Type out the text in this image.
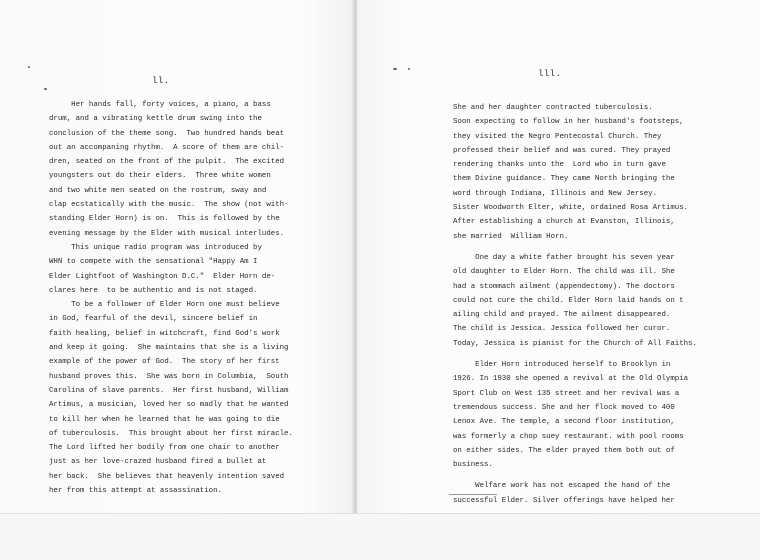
ll.
Her hands fall, forty voices, a piano, a bass
drum, and a vibrating kettle drum swing into the
conclusion of the theme song.  Two hundred hands beat
out an accompaning rhythm.  A score of them are chil-
dren, seated on the front of the pulpit.  The excited
youngsters out do their elders.  Three white women
and two white men seated on the rostrum, sway and
clap ecstatically with the music.  The show (not with-
standing Elder Horn) is on.  This is followed by the
evening message by the Elder with musical interludes.
This unique radio program was introduced by
WHN to compete with the sensational "Happy Am I
Elder Lightfoot of Washington D.C."  Elder Horn de-
clares here  to be authentic and is not staged.
To be a follower of Elder Horn one must believe
in God, fearful of the devil, sincere belief in
faith healing, belief in witchcraft, find God's work
and keep it going.  She maintains that she is a living
example of the power of God.  The story of her first
husband proves this.  She was born in Columbia,  South
Carolina of slave parents.  Her first husband, William
Artimus, a musician, loved her so madly that he wanted
to kill her when he learned that he was going to die
of tuberculosis.  This brought about her first miracle.
The Lord lifted her bodily from one chair to another
just as her love-crazed husband fired a bullet at
her back.  She believes that heavenly intention saved
her from this attempt at assassination.
lll.
She and her daughter contracted tuberculosis.
Soon expecting to follow in her husband's footsteps,
they visited the Negro Pentecostal Church. They
professed their belief and was cured. They prayed
rendering thanks unto the  Lord who in turn gave
them Divine guidance. They came North bringing the
word through Indiana, Illinois and New Jersey.
Sister Woodworth Elter, white, ordained Rosa Artimus.
After establishing a church at Evanston, Illinois,
she married  William Horn.
One day a white father brought his seven year
old daughter to Elder Horn. The child was ill. She
had a stommach ailment (appendectomy). The doctors
could not cure the child. Elder Horn laid hands on t
ailing child and prayed. The ailment disappeared.
The child is Jessica. Jessica followed her curor.
Today, Jessica is pianist for the Church of All Faiths.
Elder Horn introduced herself to Brooklyn in
1926. In 1930 she opened a revival at the Old Olympia
Sport Club on West 135 street and her revival was a
tremendous success. She and her flock moved to 400
Lenox Ave. The temple, a second floor institution,
was formerly a chop suey restaurant. with pool rooms
on either sides. The elder prayed them both out of
business.
Welfare work has not escaped the hand of the
successful Elder. Silver offerings have helped her
